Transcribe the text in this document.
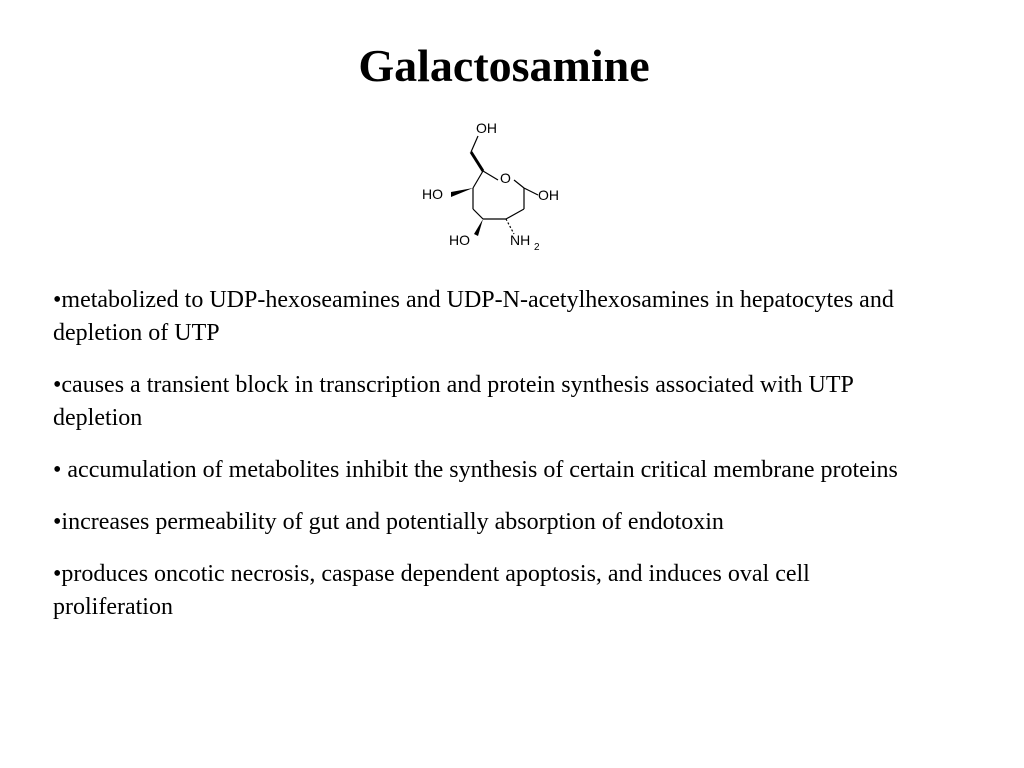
Galactosamine
OH
O
HO	OH
HO	NH 2
•metabolized to UDP-hexoseamines and UDP-N-acetylhexosamines in hepatocytes and depletion of UTP
•causes a transient block in transcription and protein synthesis associated with UTP depletion
• accumulation of metabolites inhibit the synthesis of certain critical membrane proteins
•increases permeability of gut and potentially absorption of endotoxin
•produces oncotic necrosis, caspase dependent apoptosis, and induces oval cell proliferation
